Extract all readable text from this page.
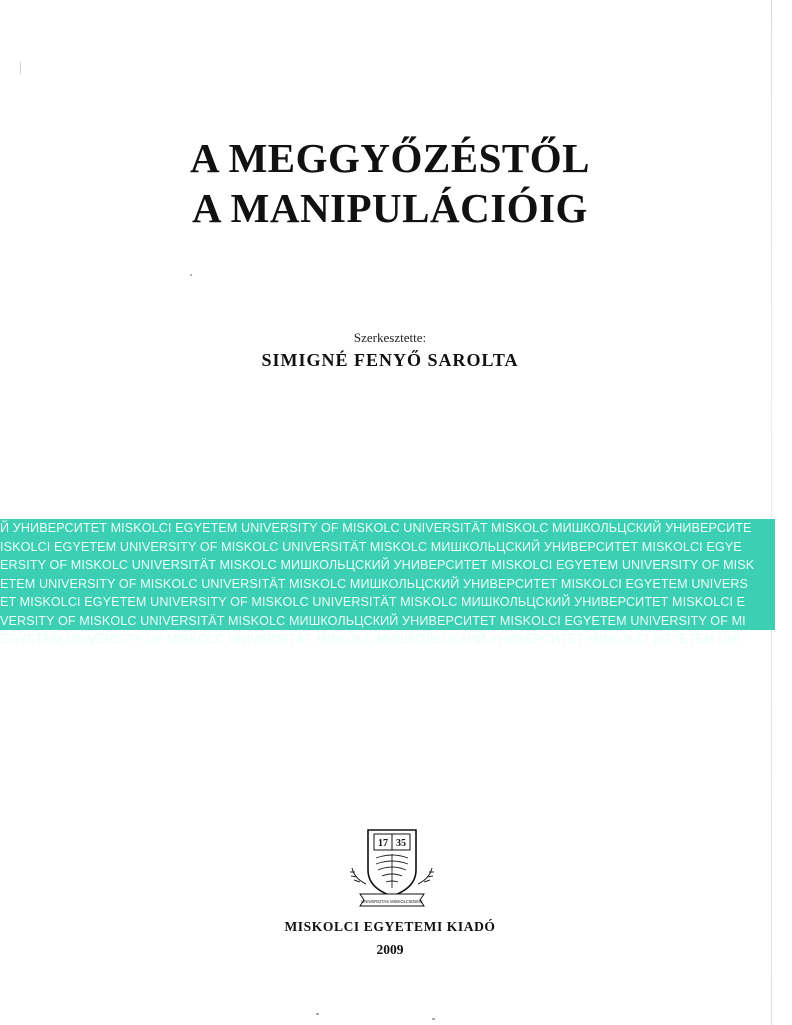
A MEGGYŐZÉSTŐL
A MANIPULÁCIÓIG
Szerkesztette:
SIMIGNÉ FENYŐ SAROLTA
Й УНИВЕРСИТЕТ MISKOLCI EGYETEM UNIVERSITY OF MISKOLC UNIVERSITÄT MISKOLC МИШКОЛЬЦСКИЙ УНИВЕРСИТЕ
ISKOLCI EGYETEM UNIVERSITY OF MISKOLC UNIVERSITÄT MISKOLC МИШКОЛЬЦСКИЙ УНИВЕРСИТЕТ MISKOLCI EGYE
ERSITY OF MISKOLC UNIVERSITÄT MISKOLC МИШКОЛЬЦСКИЙ УНИВЕРСИТЕТ MISKOLCI EGYETEM UNIVERSITY OF MISK
ETEM UNIVERSITY OF MISKOLC UNIVERSITÄT MISKOLC МИШКОЛЬЦСКИЙ УНИВЕРСИТЕТ MISKOLCI EGYETEM UNIVERS
ET MISKOLCI EGYETEM UNIVERSITY OF MISKOLC UNIVERSITÄT MISKOLC МИШКОЛЬЦСКИЙ УНИВЕРСИТЕТ MISKOLCI E
VERSITY OF MISKOLC UNIVERSITÄT MISKOLC МИШКОЛЬЦСКИЙ УНИВЕРСИТЕТ MISKOLCI EGYETEM UNIVERSITY OF MI
EGYETEM UNIVERSITY OF MISKOLC UNIVERSITÄT MISKOLC МИШКОЛЬЦСКИЙ УНИВЕРСИТЕТ MISKOLCI EGYETEM UNI
17 35
UNIVERSITAS MISKOLCIENSIS
MISKOLCI EGYETEMI KIADÓ
2009
